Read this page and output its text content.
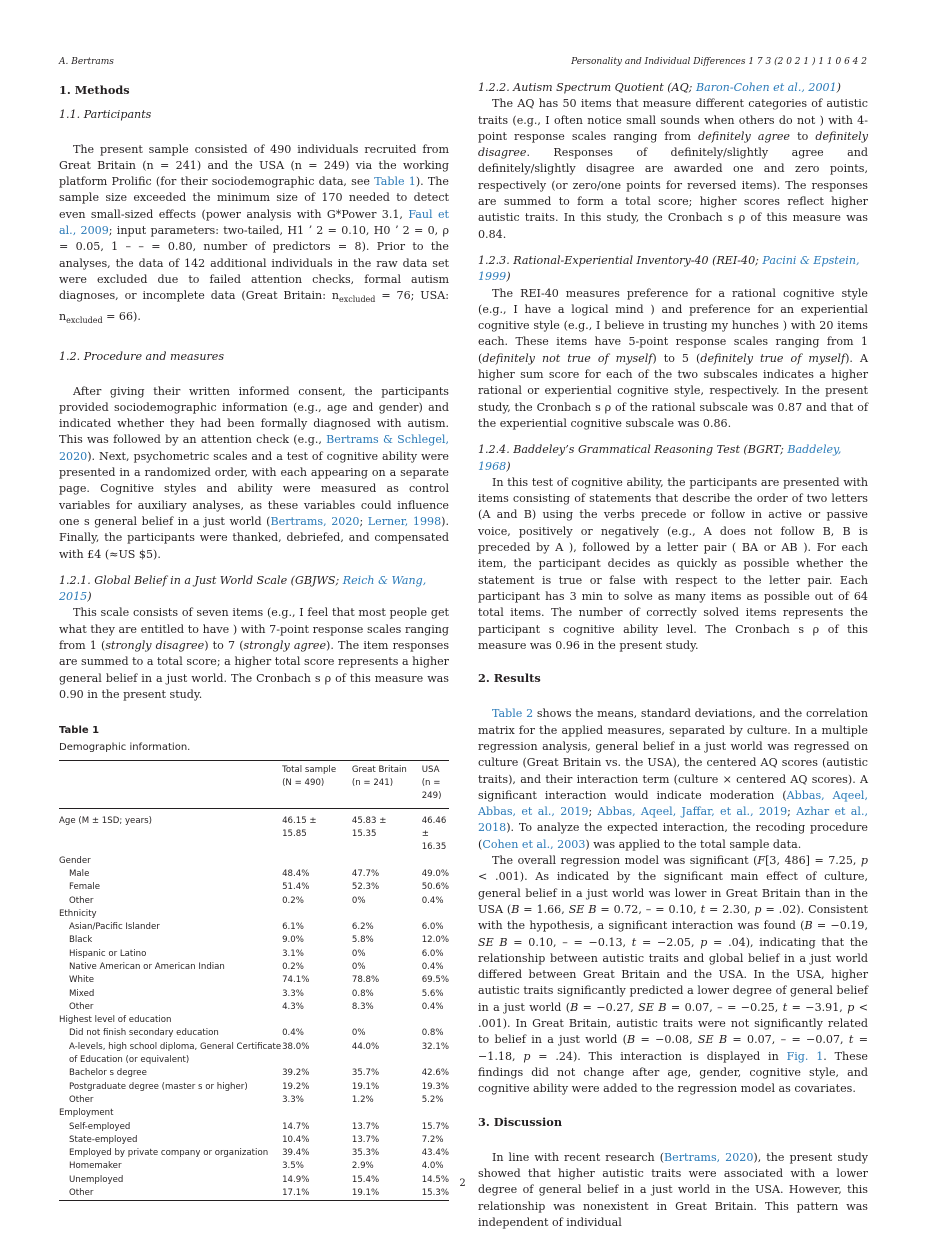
A. Bertrams	Personality and Individual Differences 1 7 3 (2 0 2 1 ) 1 1 0 6 4 2
1. Methods
1.1. Participants

The present sample consisted of 490 individuals recruited from Great Britain (n = 241) and the USA (n = 249) via the working platform Prolific (for their sociodemographic data, see Table 1). The sample size exceeded the minimum size of 170 needed to detect even small-sized effects (power analysis with G*Power 3.1, Faul et al., 2009; input parameters: two-tailed, H1 ʼ 2 = 0.10, H0 ʼ 2 = 0, ρ = 0.05, 1 – – = 0.80, number of predictors = 8). Prior to the analyses, the data of 142 additional individuals in the raw data set were excluded due to failed attention checks, formal autism diagnoses, or incomplete data (Great Britain: $n_{excluded} = 76$; USA: $n_{excluded} = 66$).

1.2. Procedure and measures

After giving their written informed consent, the participants provided sociodemographic information (e.g., age and gender) and indicated whether they had been formally diagnosed with autism. This was followed by an attention check (e.g., Bertrams & Schlegel, 2020). Next, psychometric scales and a test of cognitive ability were presented in a randomized order, with each appearing on a separate page. Cognitive styles and ability were measured as control variables for auxiliary analyses, as these variables could influence one s general belief in a just world (Bertrams, 2020; Lerner, 1998). Finally, the participants were thanked, debriefed, and compensated with £4 (≈US $5).

1.2.1. Global Belief in a Just World Scale (GBJWS; Reich & Wang, 2015)

This scale consists of seven items (e.g., I feel that most people get what they are entitled to have ) with 7-point response scales ranging from 1 (strongly disagree) to 7 (strongly agree). The item responses are summed to a total score; a higher total score represents a higher general belief in a just world. The Cronbach s ρ of this measure was 0.90 in the present study.

Table 1
Demographic information.
	Total sample (N = 490)	Great Britain (n = 241)	USA (n = 249)
Age (M ± 1SD; years)	46.15 ± 15.85	45.83 ± 15.35	46.46 ± 16.35
Gender			
Male	48.4%	47.7%	49.0%
Female	51.4%	52.3%	50.6%
Other	0.2%	0%	0.4%
Ethnicity			
Asian/Pacific Islander	6.1%	6.2%	6.0%
Black	9.0%	5.8%	12.0%
Hispanic or Latino	3.1%	0%	6.0%
Native American or American Indian	0.2%	0%	0.4%
White	74.1%	78.8%	69.5%
Mixed	3.3%	0.8%	5.6%
Other	4.3%	8.3%	0.4%
Highest level of education			
Did not finish secondary education	0.4%	0%	0.8%
A-levels, high school diploma, General Certificate of Education (or equivalent)	38.0%	44.0%	32.1%
Bachelor s degree	39.2%	35.7%	42.6%
Postgraduate degree (master s or higher)	19.2%	19.1%	19.3%
Other	3.3%	1.2%	5.2%
Employment			
Self-employed	14.7%	13.7%	15.7%
State-employed	10.4%	13.7%	7.2%
Employed by private company or organization	39.4%	35.3%	43.4%
Homemaker	3.5%	2.9%	4.0%
Unemployed	14.9%	15.4%	14.5%
Other	17.1%	19.1%	15.3%
1.2.2. Autism Spectrum Quotient (AQ; Baron-Cohen et al., 2001)

The AQ has 50 items that measure different categories of autistic traits (e.g., I often notice small sounds when others do not ) with 4-point response scales ranging from definitely agree to definitely disagree. Responses of definitely/slightly agree and definitely/slightly disagree are awarded one and zero points, respectively (or zero/one points for reversed items). The responses are summed to form a total score; higher scores reflect higher autistic traits. In this study, the Cronbach s ρ of this measure was 0.84.

1.2.3. Rational-Experiential Inventory-40 (REI-40; Pacini & Epstein, 1999)

The REI-40 measures preference for a rational cognitive style (e.g., I have a logical mind ) and preference for an experiential cognitive style (e.g., I believe in trusting my hunches ) with 20 items each. These items have 5-point response scales ranging from 1 (definitely not true of myself) to 5 (definitely true of myself). A higher sum score for each of the two subscales indicates a higher rational or experiential cognitive style, respectively. In the present study, the Cronbach s ρ of the rational subscale was 0.87 and that of the experiential cognitive subscale was 0.86.

1.2.4. Baddeley’s Grammatical Reasoning Test (BGRT; Baddeley, 1968)

In this test of cognitive ability, the participants are presented with items consisting of statements that describe the order of two letters (A and B) using the verbs precede or follow in active or passive voice, positively or negatively (e.g., A does not follow B, B is preceded by A ), followed by a letter pair ( BA or AB ). For each item, the participant decides as quickly as possible whether the statement is true or false with respect to the letter pair. Each participant has 3 min to solve as many items as possible out of 64 total items. The number of correctly solved items represents the participant s cognitive ability level. The Cronbach s ρ of this measure was 0.96 in the present study.

2. Results

Table 2 shows the means, standard deviations, and the correlation matrix for the applied measures, separated by culture. In a multiple regression analysis, general belief in a just world was regressed on culture (Great Britain vs. the USA), the centered AQ scores (autistic traits), and their interaction term (culture × centered AQ scores). A significant interaction would indicate moderation (Abbas, Aqeel, Abbas, et al., 2019; Abbas, Aqeel, Jaffar, et al., 2019; Azhar et al., 2018). To analyze the expected interaction, the recoding procedure (Cohen et al., 2003) was applied to the total sample data.

The overall regression model was significant (F[3, 486] = 7.25, p < .001). As indicated by the significant main effect of culture, general belief in a just world was lower in Great Britain than in the USA (B = 1.66, SE B = 0.72, – = 0.10, t = 2.30, p = .02). Consistent with the hypothesis, a significant interaction was found (B = −0.19, SE B = 0.10, – = −0.13, t = −2.05, p = .04), indicating that the relationship between autistic traits and global belief in a just world differed between Great Britain and the USA. In the USA, higher autistic traits significantly predicted a lower degree of general belief in a just world (B = −0.27, SE B = 0.07, – = −0.25, t = −3.91, p < .001). In Great Britain, autistic traits were not significantly related to belief in a just world (B = −0.08, SE B = 0.07, – = −0.07, t = −1.18, p = .24). This interaction is displayed in Fig. 1. These findings did not change after age, gender, cognitive style, and cognitive ability were added to the regression model as covariates.

3. Discussion

In line with recent research (Bertrams, 2020), the present study showed that higher autistic traits were associated with a lower degree of general belief in a just world in the USA. However, this relationship was nonexistent in Great Britain. This pattern was independent of individual

2
